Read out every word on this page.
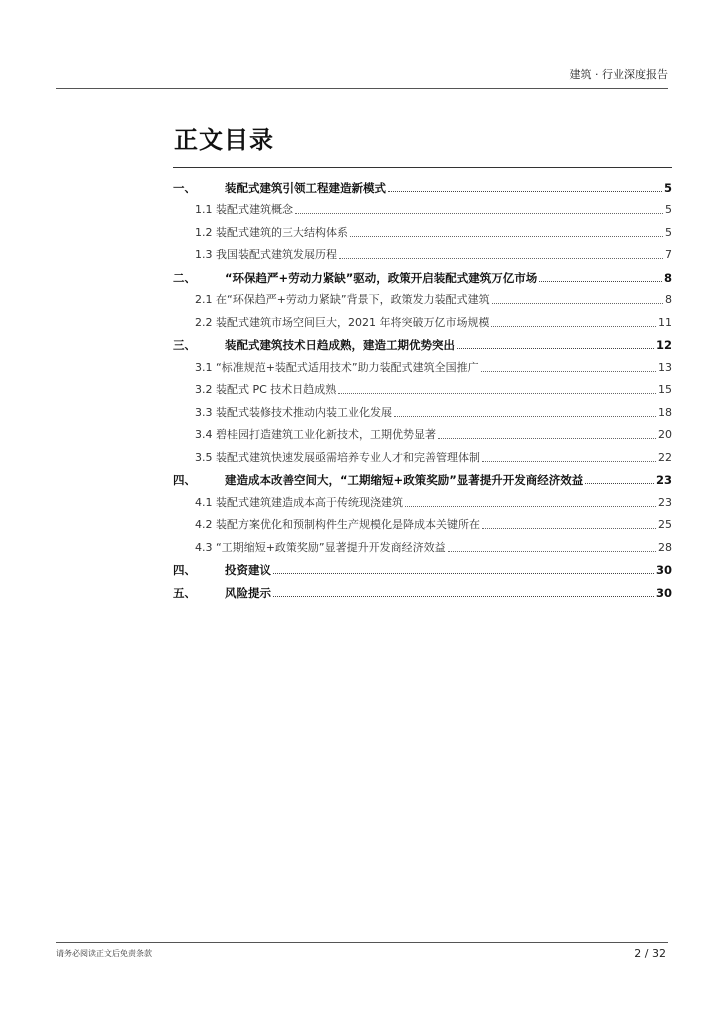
建筑 · 行业深度报告
正文目录
一、	装配式建筑引领工程建造新模式	5
1.1 装配式建筑概念	5
1.2 装配式建筑的三大结构体系	5
1.3 我国装配式建筑发展历程	7
二、	“环保趋严+劳动力紧缺”驱动，政策开启装配式建筑万亿市场	8
2.1 在“环保趋严+劳动力紧缺”背景下，政策发力装配式建筑	8
2.2 装配式建筑市场空间巨大，2021 年将突破万亿市场规模	11
三、	装配式建筑技术日趋成熟，建造工期优势突出	12
3.1 “标准规范+装配式适用技术”助力装配式建筑全国推广	13
3.2 装配式 PC 技术日趋成熟	15
3.3 装配式装修技术推动内装工业化发展	18
3.4 碧桂园打造建筑工业化新技术，工期优势显著	20
3.5 装配式建筑快速发展亟需培养专业人才和完善管理体制	22
四、	建造成本改善空间大，“工期缩短+政策奖励”显著提升开发商经济效益	23
4.1 装配式建筑建造成本高于传统现浇建筑	23
4.2 装配方案优化和预制构件生产规模化是降成本关键所在	25
4.3 “工期缩短+政策奖励”显著提升开发商经济效益	28
四、	投资建议	30
五、	风险提示	30
请务必阅读正文后免责条款	2 / 32
